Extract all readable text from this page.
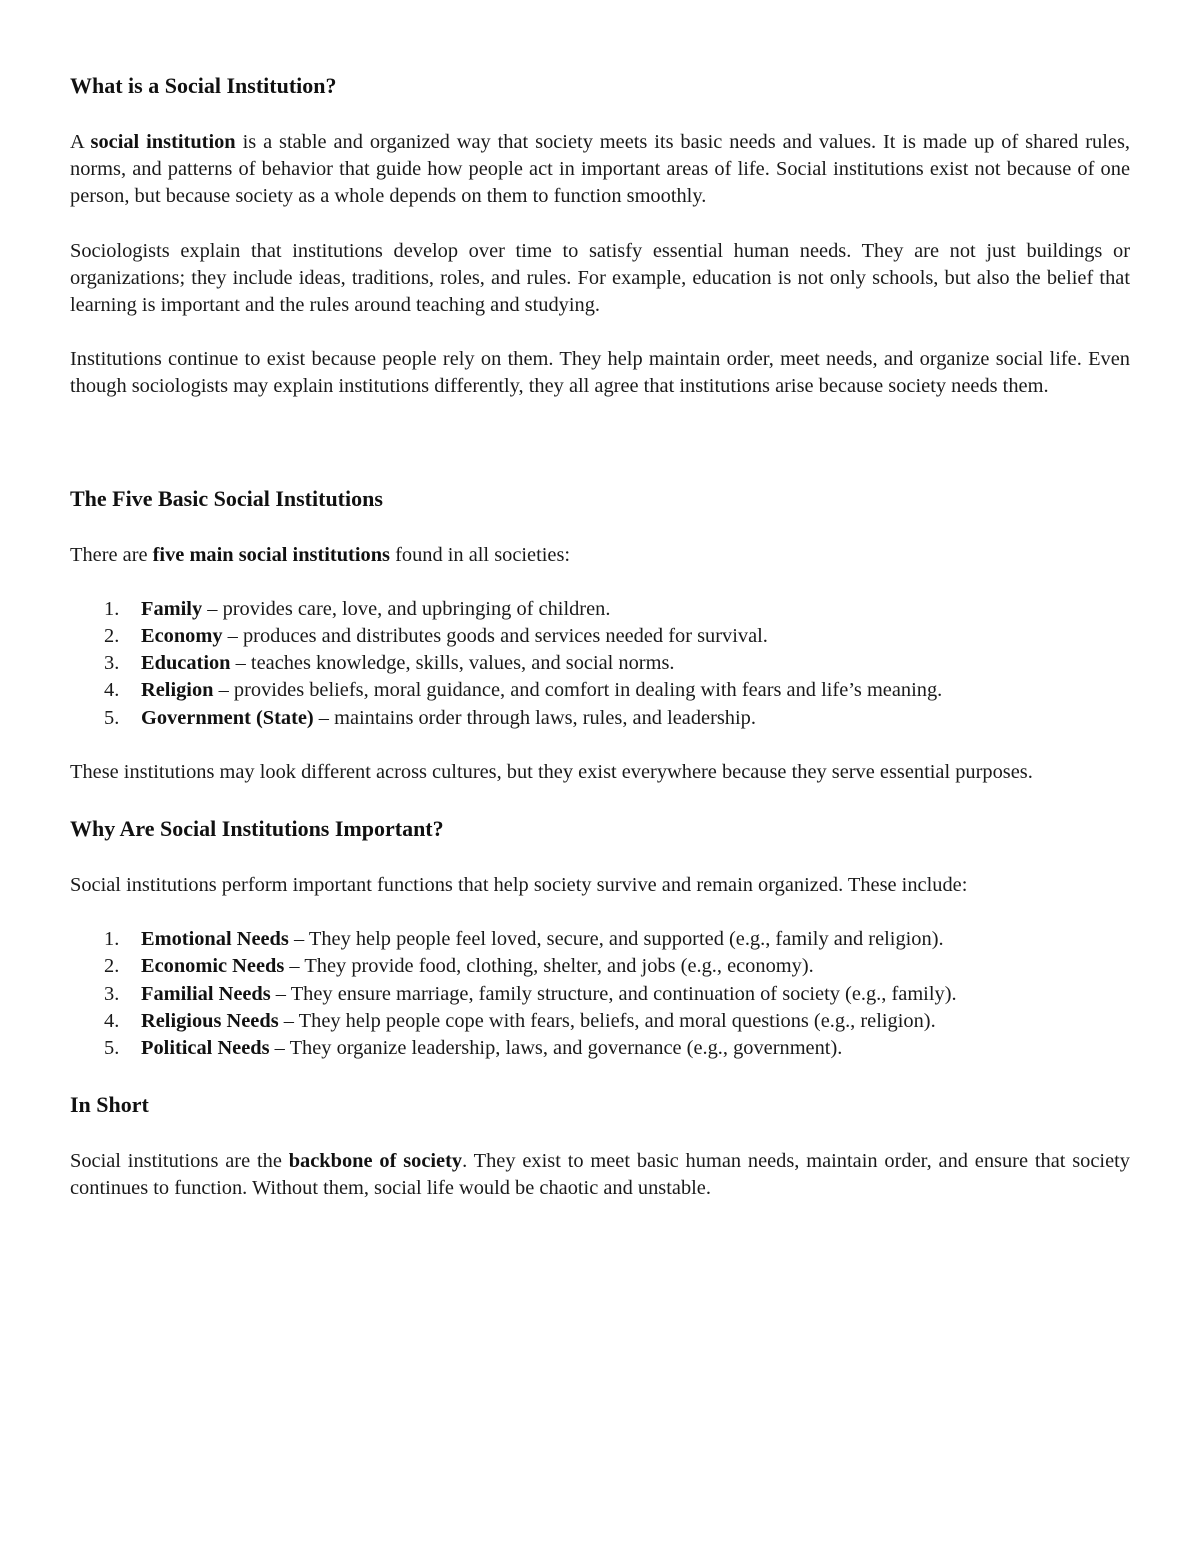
What is a Social Institution?

A social institution is a stable and organized way that society meets its basic needs and values. It is made up of shared rules, norms, and patterns of behavior that guide how people act in important areas of life. Social institutions exist not because of one person, but because society as a whole depends on them to function smoothly.

Sociologists explain that institutions develop over time to satisfy essential human needs. They are not just buildings or organizations; they include ideas, traditions, roles, and rules. For example, education is not only schools, but also the belief that learning is important and the rules around teaching and studying.

Institutions continue to exist because people rely on them. They help maintain order, meet needs, and organize social life. Even though sociologists may explain institutions differently, they all agree that institutions arise because society needs them.

The Five Basic Social Institutions

There are five main social institutions found in all societies:

1. Family – provides care, love, and upbringing of children.
2. Economy – produces and distributes goods and services needed for survival.
3. Education – teaches knowledge, skills, values, and social norms.
4. Religion – provides beliefs, moral guidance, and comfort in dealing with fears and life’s meaning.
5. Government (State) – maintains order through laws, rules, and leadership.

These institutions may look different across cultures, but they exist everywhere because they serve essential purposes.

Why Are Social Institutions Important?

Social institutions perform important functions that help society survive and remain organized. These include:

1. Emotional Needs – They help people feel loved, secure, and supported (e.g., family and religion).
2. Economic Needs – They provide food, clothing, shelter, and jobs (e.g., economy).
3. Familial Needs – They ensure marriage, family structure, and continuation of society (e.g., family).
4. Religious Needs – They help people cope with fears, beliefs, and moral questions (e.g., religion).
5. Political Needs – They organize leadership, laws, and governance (e.g., government).
In Short

Social institutions are the backbone of society. They exist to meet basic human needs, maintain order, and ensure that society continues to function. Without them, social life would be chaotic and unstable.
